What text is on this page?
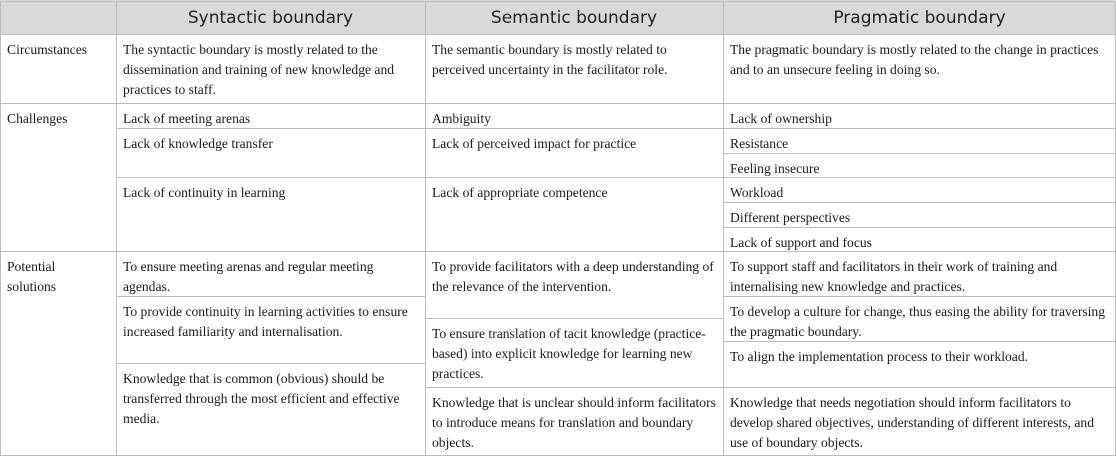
Syntactic boundary	Semantic boundary	Pragmatic boundary
Circumstances
Challenges
Potential solutions
The syntactic boundary is mostly related to the dissemination and training of new knowledge and practices to staff.
The semantic boundary is mostly related to perceived uncertainty in the facilitator role.
The pragmatic boundary is mostly related to the change in practices and to an unsecure feeling in doing so.
Lack of meeting arenas
Lack of knowledge transfer
Lack of continuity in learning
Ambiguity
Lack of perceived impact for practice
Lack of appropriate competence
Lack of ownership
Resistance
Feeling insecure
Workload
Different perspectives
Lack of support and focus
To ensure meeting arenas and regular meeting agendas.
To provide continuity in learning activities to ensure increased familiarity and internalisation.
Knowledge that is common (obvious) should be transferred through the most efficient and effective media.
To provide facilitators with a deep understanding of the relevance of the intervention.
To ensure translation of tacit knowledge (practice-based) into explicit knowledge for learning new practices.
Knowledge that is unclear should inform facilitators to introduce means for translation and boundary objects.
To support staff and facilitators in their work of training and internalising new knowledge and practices.
To develop a culture for change, thus easing the ability for traversing the pragmatic boundary.
To align the implementation process to their workload.
Knowledge that needs negotiation should inform facilitators to develop shared objectives, understanding of different interests, and use of boundary objects.
